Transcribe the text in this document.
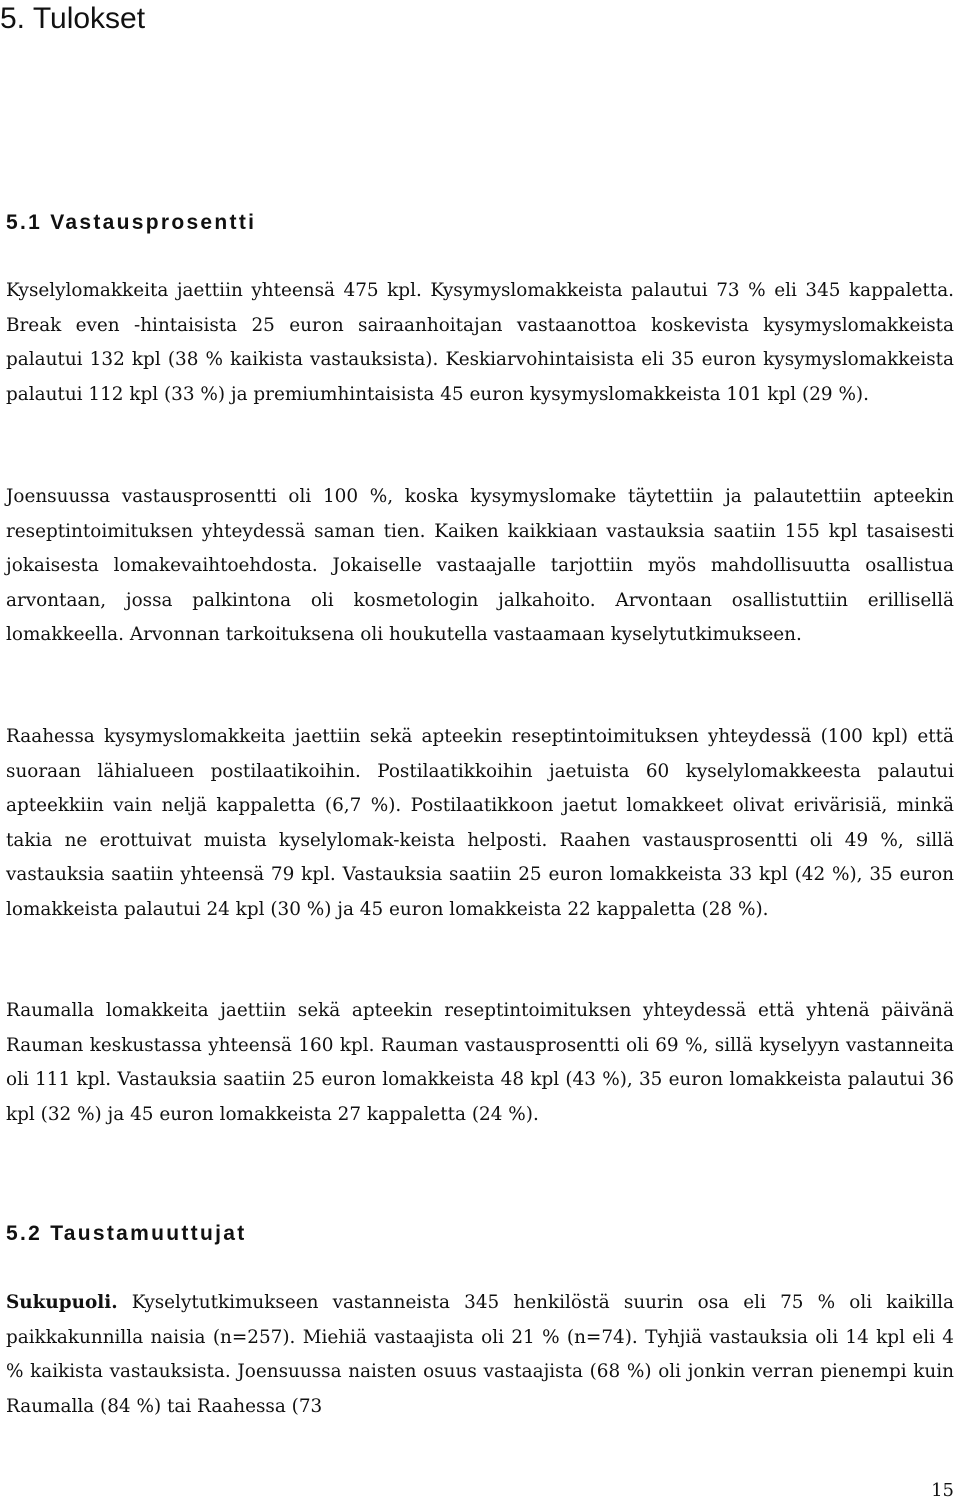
5. Tulokset
5.1 Vastausprosentti

Kyselylomakkeita jaettiin yhteensä 475 kpl. Kysymyslomakkeista palautui 73 % eli 345 kappaletta. Break even -hintaisista 25 euron sairaanhoitajan vastaanottoa koskevista kysymyslomakkeista palautui 132 kpl (38 % kaikista vastauksista). Keskiarvohintaisista eli 35 euron kysymyslomakkeista palautui 112 kpl (33 %) ja premiumhintaisista 45 euron kysymyslomakkeista 101 kpl (29 %).

Joensuussa vastausprosentti oli 100 %, koska kysymyslomake täytettiin ja palautettiin apteekin reseptintoimituksen yhteydessä saman tien. Kaiken kaikkiaan vastauksia saatiin 155 kpl tasaisesti jokaisesta lomakevaihtoehdosta. Jokaiselle vastaajalle tarjottiin myös mahdollisuutta osallistua arvontaan, jossa palkintona oli kosmetologin jalkahoito. Arvontaan osallistuttiin erillisellä lomakkeella. Arvonnan tarkoituksena oli houkutella vastaamaan kyselytutkimukseen.

Raahessa kysymyslomakkeita jaettiin sekä apteekin reseptintoimituksen yhteydessä (100 kpl) että suoraan lähialueen postilaatikoihin. Postilaatikkoihin jaetuista 60 kyselylomakkeesta palautui apteekkiin vain neljä kappaletta (6,7 %). Postilaatikkoon jaetut lomakkeet olivat erivärisiä, minkä takia ne erottuivat muista kyselylomak-keista helposti. Raahen vastausprosentti oli 49 %, sillä vastauksia saatiin yhteensä 79 kpl. Vastauksia saatiin 25 euron lomakkeista 33 kpl (42 %), 35 euron lomakkeista palautui 24 kpl (30 %) ja 45 euron lomakkeista 22 kappaletta (28 %).

Raumalla lomakkeita jaettiin sekä apteekin reseptintoimituksen yhteydessä että yhtenä päivänä Rauman keskustassa yhteensä 160 kpl. Rauman vastausprosentti oli 69 %, sillä kyselyyn vastanneita oli 111 kpl. Vastauksia saatiin 25 euron lomakkeista 48 kpl (43 %), 35 euron lomakkeista palautui 36 kpl (32 %) ja 45 euron lomakkeista 27 kappaletta (24 %).

5.2 Taustamuuttujat

Sukupuoli. Kyselytutkimukseen vastanneista 345 henkilöstä suurin osa eli 75 % oli kaikilla paikkakunnilla naisia (n=257). Miehiä vastaajista oli 21 % (n=74). Tyhjiä vastauksia oli 14 kpl eli 4 % kaikista vastauksista. Joensuussa naisten osuus vastaajista (68 %) oli jonkin verran pienempi kuin Raumalla (84 %) tai Raahessa (73

15
